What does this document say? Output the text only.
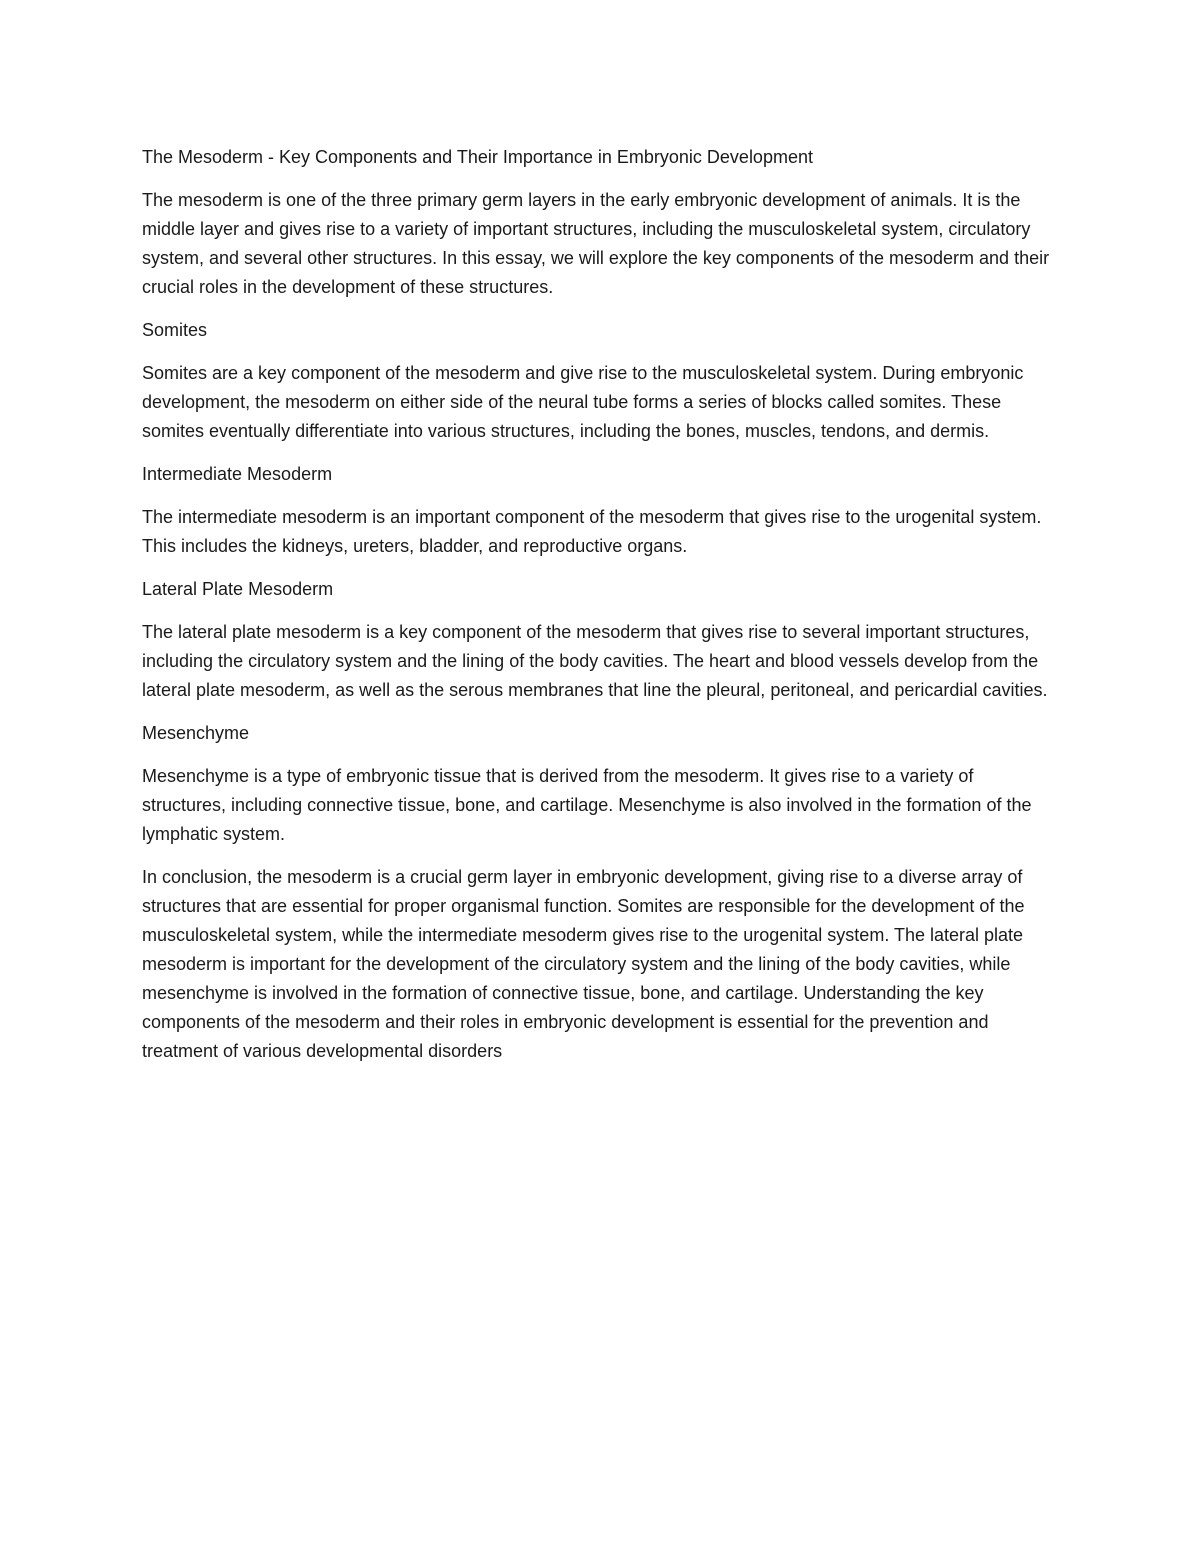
The Mesoderm - Key Components and Their Importance in Embryonic Development

The mesoderm is one of the three primary germ layers in the early embryonic development of animals. It is the middle layer and gives rise to a variety of important structures, including the musculoskeletal system, circulatory system, and several other structures. In this essay, we will explore the key components of the mesoderm and their crucial roles in the development of these structures.

Somites

Somites are a key component of the mesoderm and give rise to the musculoskeletal system. During embryonic development, the mesoderm on either side of the neural tube forms a series of blocks called somites. These somites eventually differentiate into various structures, including the bones, muscles, tendons, and dermis.

Intermediate Mesoderm

The intermediate mesoderm is an important component of the mesoderm that gives rise to the urogenital system. This includes the kidneys, ureters, bladder, and reproductive organs.

Lateral Plate Mesoderm

The lateral plate mesoderm is a key component of the mesoderm that gives rise to several important structures, including the circulatory system and the lining of the body cavities. The heart and blood vessels develop from the lateral plate mesoderm, as well as the serous membranes that line the pleural, peritoneal, and pericardial cavities.

Mesenchyme

Mesenchyme is a type of embryonic tissue that is derived from the mesoderm. It gives rise to a variety of structures, including connective tissue, bone, and cartilage. Mesenchyme is also involved in the formation of the lymphatic system.

In conclusion, the mesoderm is a crucial germ layer in embryonic development, giving rise to a diverse array of structures that are essential for proper organismal function. Somites are responsible for the development of the musculoskeletal system, while the intermediate mesoderm gives rise to the urogenital system. The lateral plate mesoderm is important for the development of the circulatory system and the lining of the body cavities, while mesenchyme is involved in the formation of connective tissue, bone, and cartilage. Understanding the key components of the mesoderm and their roles in embryonic development is essential for the prevention and treatment of various developmental disorders
